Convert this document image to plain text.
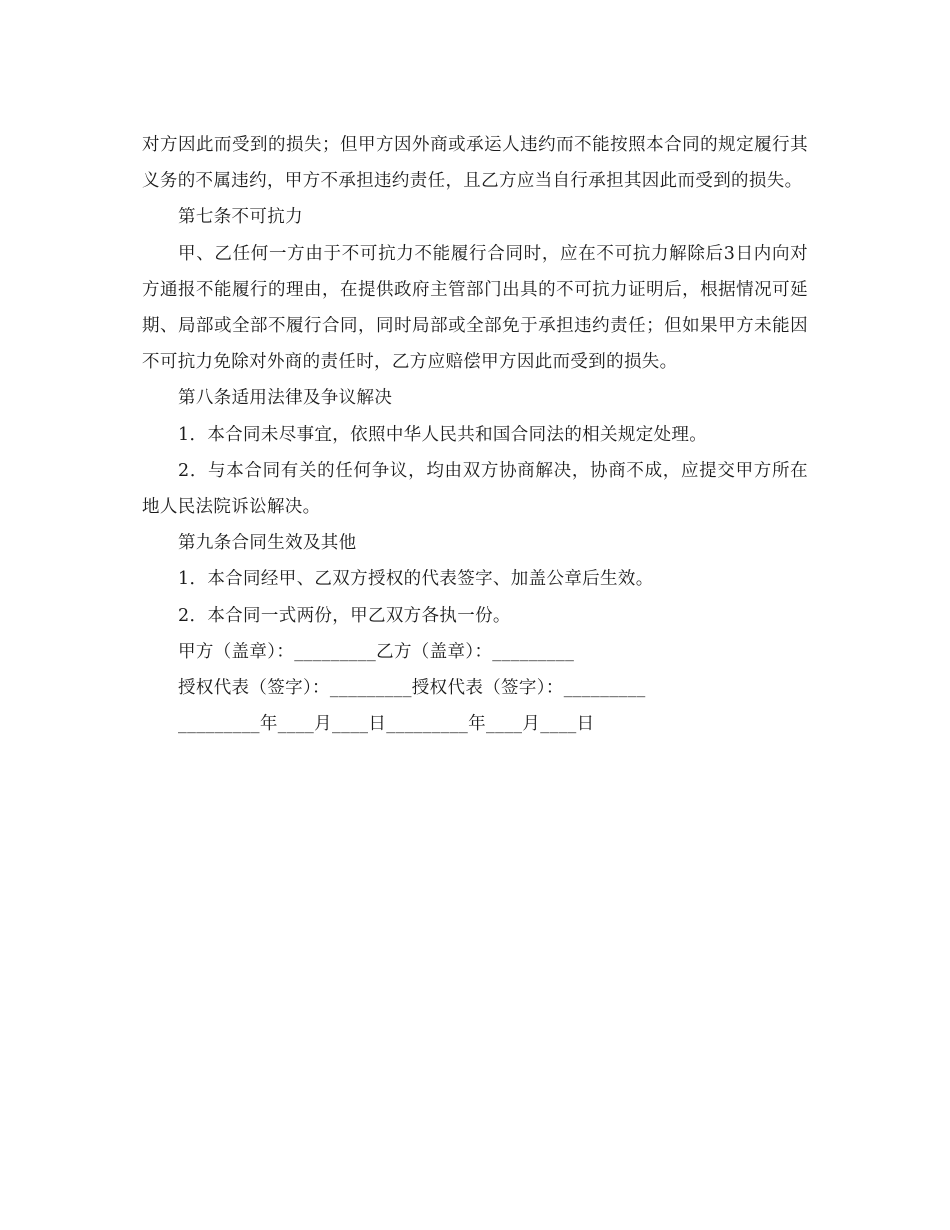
对方因此而受到的损失；但甲方因外商或承运人违约而不能按照本合同的规定履行其义务的不属违约，甲方不承担违约责任，且乙方应当自行承担其因此而受到的损失。

第七条不可抗力

甲、乙任何一方由于不可抗力不能履行合同时，应在不可抗力解除后3日内向对方通报不能履行的理由，在提供政府主管部门出具的不可抗力证明后，根据情况可延期、局部或全部不履行合同，同时局部或全部免于承担违约责任；但如果甲方未能因不可抗力免除对外商的责任时，乙方应赔偿甲方因此而受到的损失。

第八条适用法律及争议解决

1．本合同未尽事宜，依照中华人民共和国合同法的相关规定处理。

2．与本合同有关的任何争议，均由双方协商解决，协商不成，应提交甲方所在地人民法院诉讼解决。

第九条合同生效及其他

1．本合同经甲、乙双方授权的代表签字、加盖公章后生效。

2．本合同一式两份，甲乙双方各执一份。

甲方（盖章）：_________乙方（盖章）：_________

授权代表（签字）：_________授权代表（签字）：_________

_________年____月____日_________年____月____日
